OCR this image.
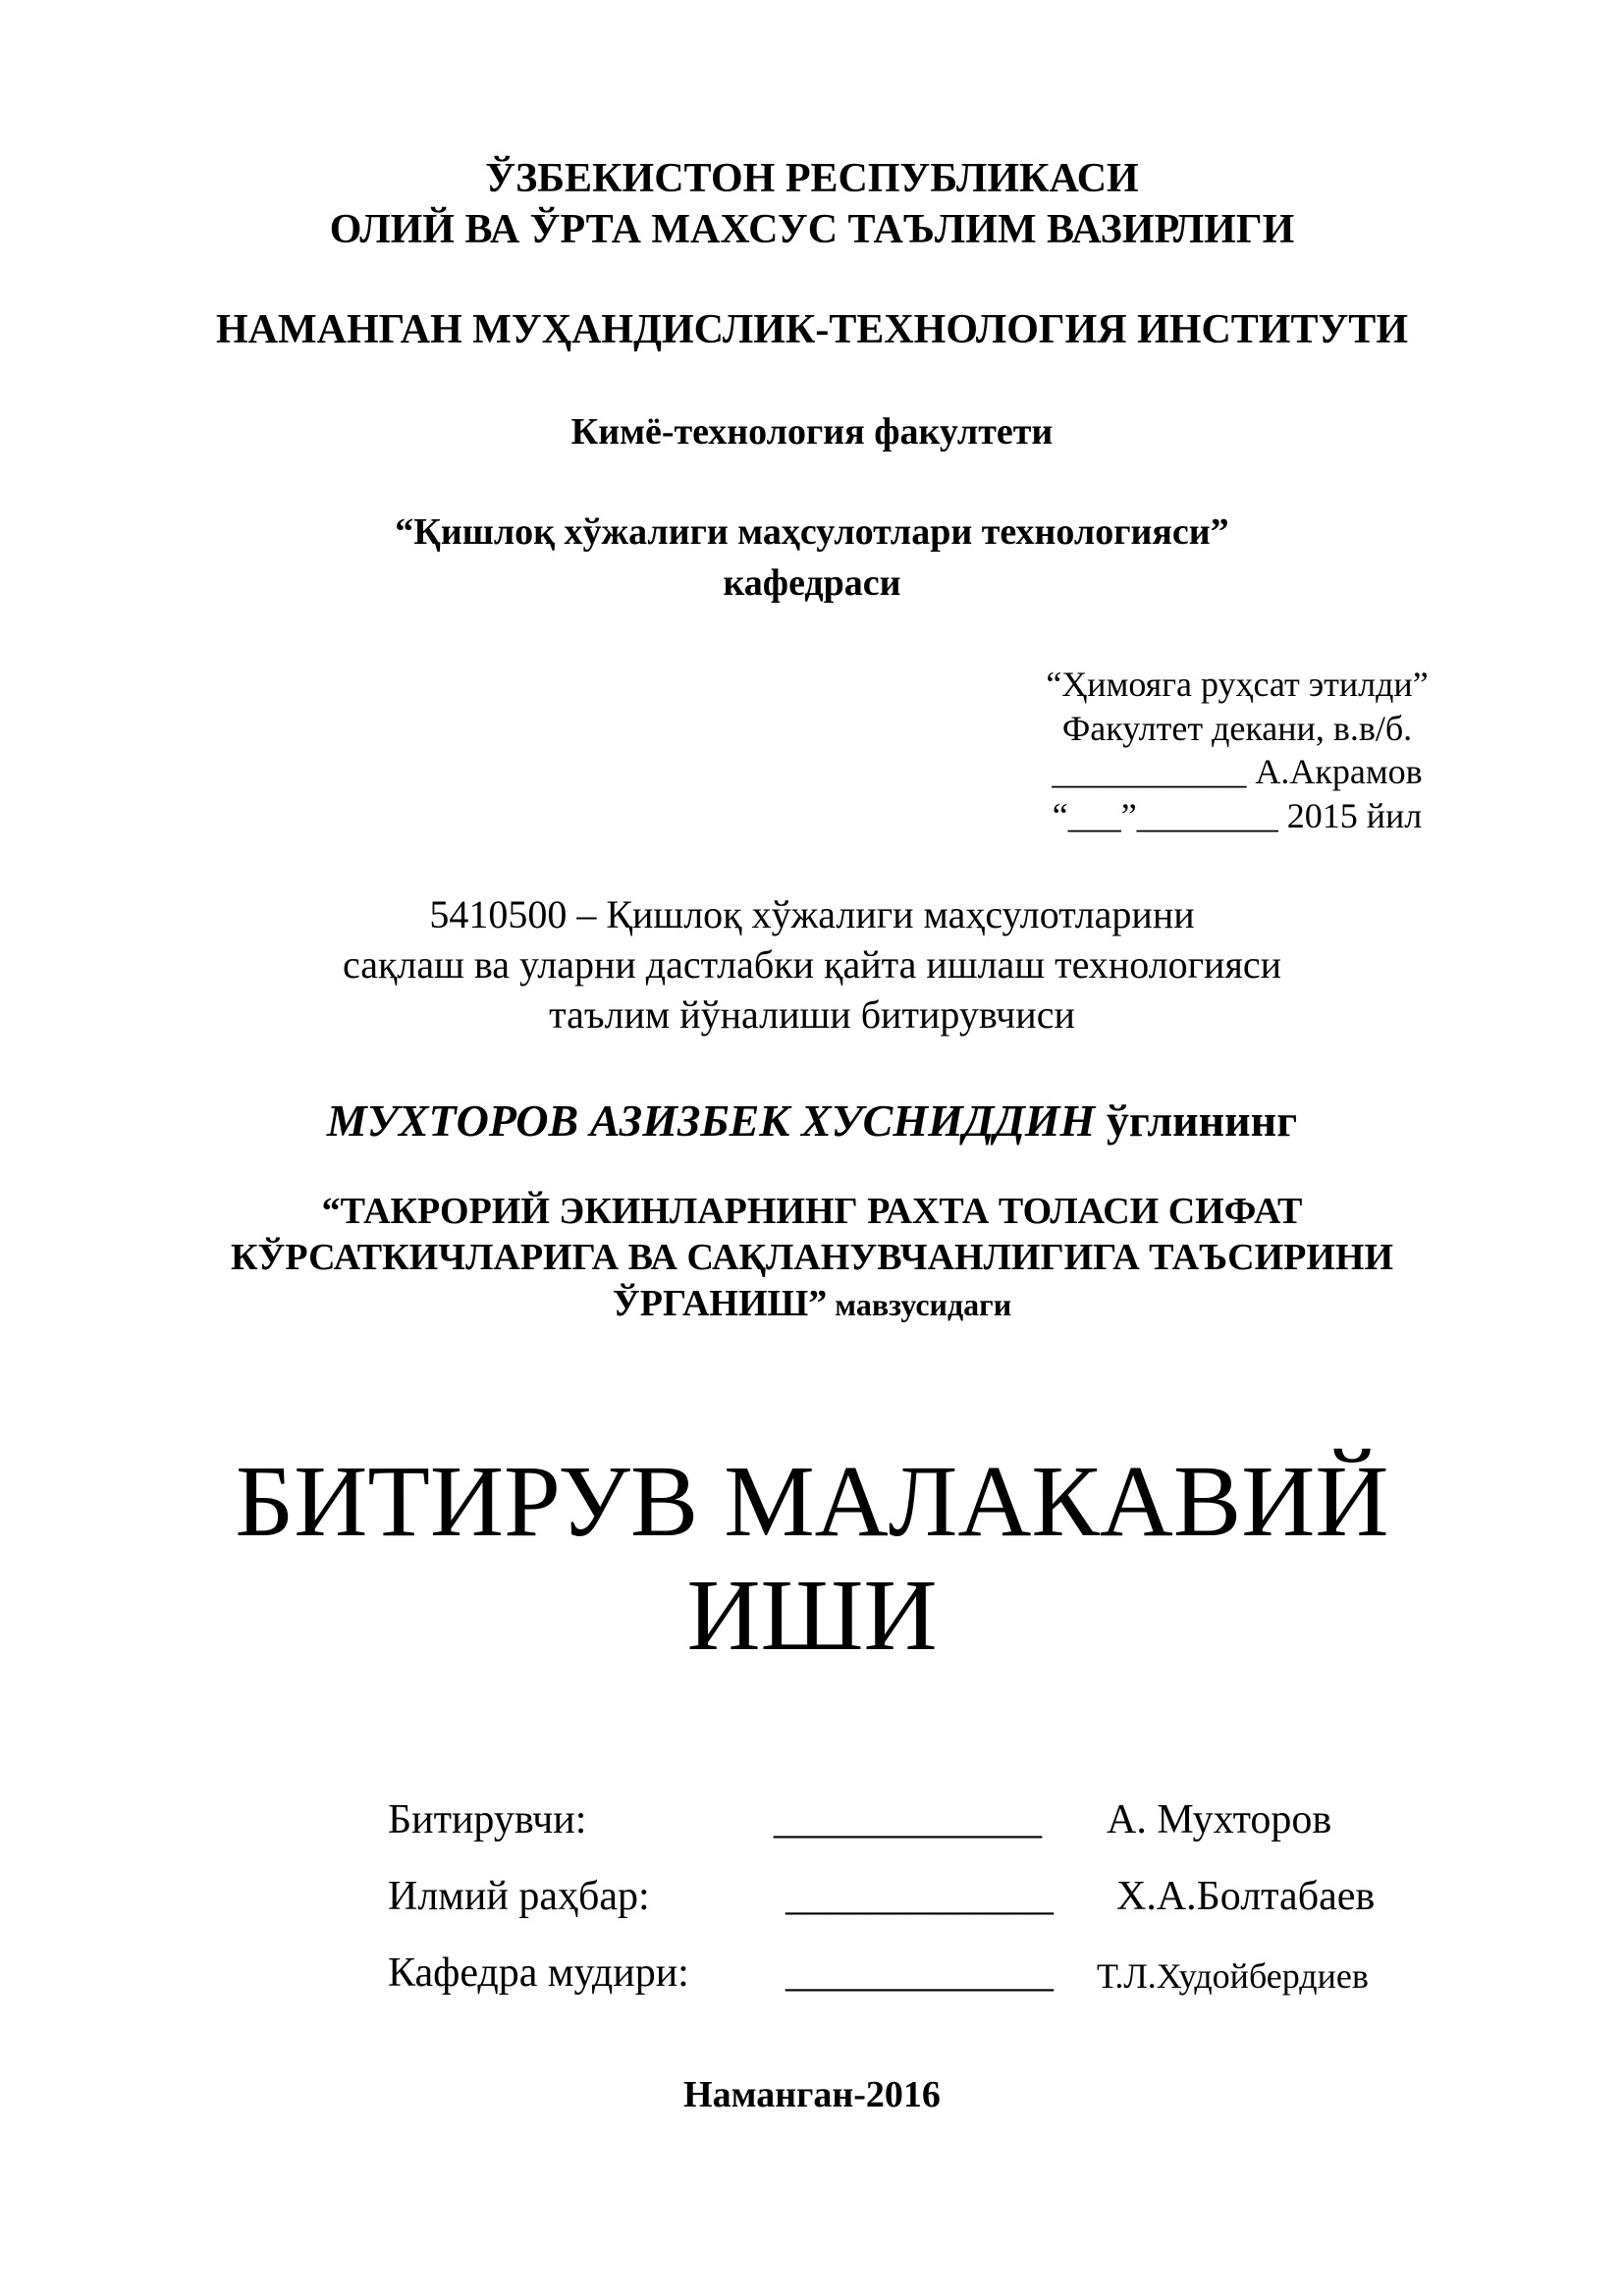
ЎЗБЕКИСТОН РЕСПУБЛИКАСИ
ОЛИЙ ВА ЎРТА МАХСУС ТАЪЛИМ ВАЗИРЛИГИ
НАМАНГАН МУҲАНДИСЛИК-ТЕХНОЛОГИЯ ИНСТИТУТИ
Кимё-технология факултети
“Қишлоқ хўжалиги маҳсулотлари технологияси”
кафедраси
“Ҳимояга руҳсат этилди”
Факултет декани, в.в/б.
___________ А.Акрамов
“___”________ 2015 йил
5410500 – Қишлоқ хўжалиги маҳсулотларини
сақлаш ва уларни дастлабки қайта ишлаш технологияси
таълим йўналиши битирувчиси
МУХТОРОВ АЗИЗБЕК ХУСНИДДИН ўглининг
“ТАКРОРИЙ ЭКИНЛАРНИНГ РАХТА ТОЛАСИ СИФАТ
КЎРСАТКИЧЛАРИГА ВА САҚЛАНУВЧАНЛИГИГА ТАЪСИРИНИ
ЎРГАНИШ” мавзусидаги
БИТИРУВ МАЛАКАВИЙ
ИШИ
Битирувчи:	_____________ А. Мухторов
Илмий раҳбар:	_____________ Х.А.Болтабаев
Кафедра мудири: _____________ Т.Л.Худойбердиев
Наманган-2016
